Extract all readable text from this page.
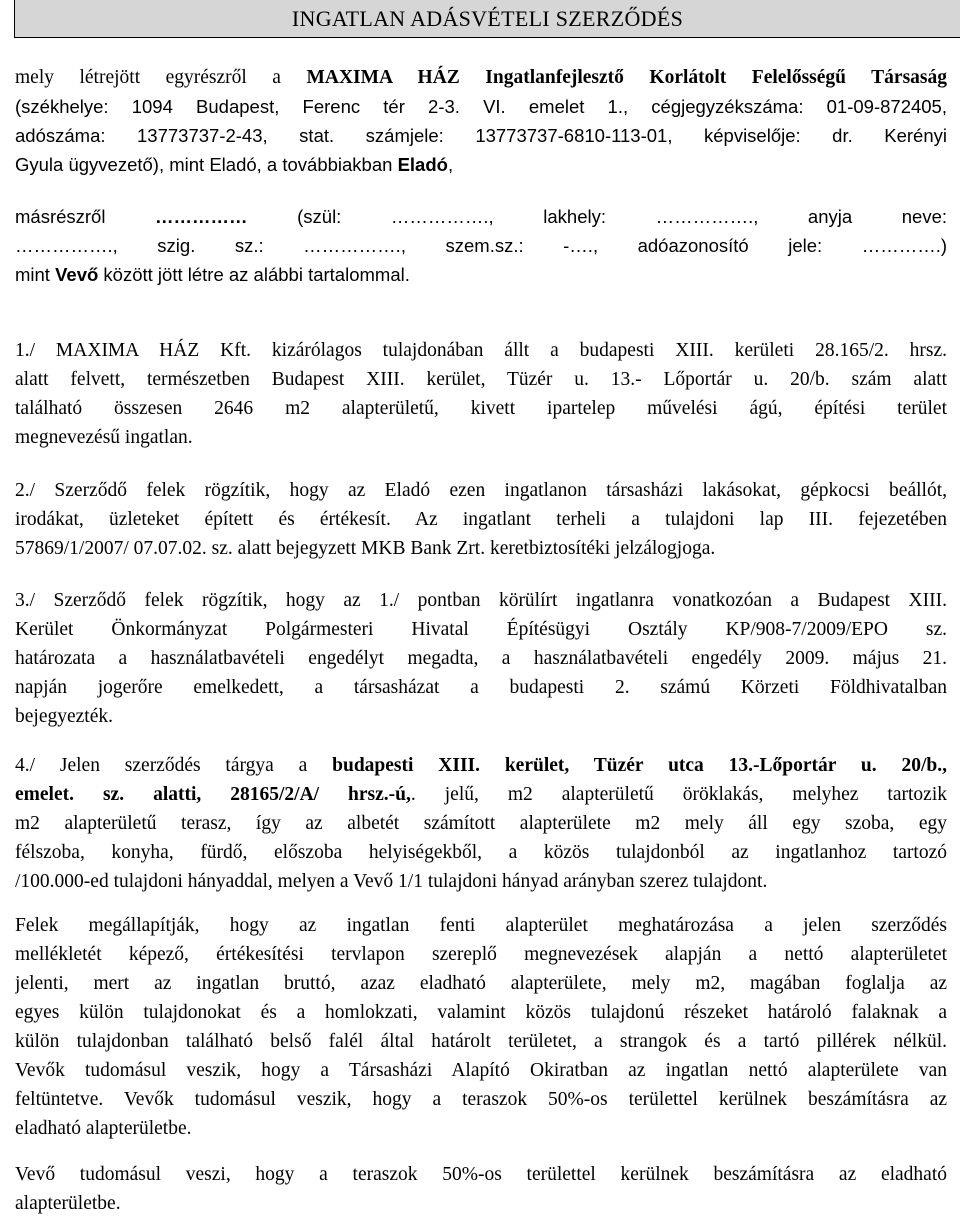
INGATLAN ADÁSVÉTELI SZERZŐDÉS
mely létrejött egyrészről a MAXIMA HÁZ Ingatlanfejlesztő Korlátolt Felelősségű Társaság
(székhelye: 1094 Budapest, Ferenc tér 2-3. VI. emelet 1., cégjegyzékszáma: 01-09-872405,
adószáma: 13773737-2-43, stat. számjele: 13773737-6810-113-01, képviselője: dr. Kerényi
Gyula ügyvezető), mint Eladó, a továbbiakban Eladó,
másrészről …………… (szül: ……………., lakhely: ……………., anyja neve:
……………., szig. sz.: ……………., szem.sz.: -…., adóazonosító jele: ………….)
mint Vevő között jött létre az alábbi tartalommal.
1./ MAXIMA HÁZ Kft. kizárólagos tulajdonában állt a budapesti XIII. kerületi 28.165/2. hrsz.
alatt felvett, természetben Budapest XIII. kerület, Tüzér u. 13.- Lőportár u. 20/b. szám alatt
található összesen 2646 m2 alapterületű, kivett ipartelep művelési ágú, építési terület
megnevezésű ingatlan.
2./ Szerződő felek rögzítik, hogy az Eladó ezen ingatlanon társasházi lakásokat, gépkocsi beállót,
irodákat, üzleteket épített és értékesít. Az ingatlant terheli a tulajdoni lap III. fejezetében
57869/1/2007/ 07.07.02. sz. alatt bejegyzett MKB Bank Zrt. keretbiztosítéki jelzálogjoga.
3./ Szerződő felek rögzítik, hogy az 1./ pontban körülírt ingatlanra vonatkozóan a Budapest XIII.
Kerület Önkormányzat Polgármesteri Hivatal Építésügyi Osztály KP/908-7/2009/EPO sz.
határozata a használatbavételi engedélyt megadta, a használatbavételi engedély 2009. május 21.
napján jogerőre emelkedett, a társasházat a budapesti 2. számú Körzeti Földhivatalban
bejegyezték.
4./ Jelen szerződés tárgya a budapesti XIII. kerület, Tüzér utca 13.-Lőportár u. 20/b.,
emelet. sz. alatti, 28165/2/A/ hrsz.-ú,. jelű, m2 alapterületű öröklakás, melyhez tartozik
m2 alapterületű terasz, így az albetét számított alapterülete m2 mely áll egy szoba, egy
félszoba, konyha, fürdő, előszoba helyiségekből, a közös tulajdonból az ingatlanhoz tartozó
/100.000-ed tulajdoni hányaddal, melyen a Vevő 1/1 tulajdoni hányad arányban szerez tulajdont.
Felek megállapítják, hogy az ingatlan fenti alapterület meghatározása a jelen szerződés
mellékletét képező, értékesítési tervlapon szereplő megnevezések alapján a nettó alapterületet
jelenti, mert az ingatlan bruttó, azaz eladható alapterülete, mely m2, magában foglalja az
egyes külön tulajdonokat és a homlokzati, valamint közös tulajdonú részeket határoló falaknak a
külön tulajdonban található belső falél által határolt területet, a strangok és a tartó pillérek nélkül.
Vevők tudomásul veszik, hogy a Társasházi Alapító Okiratban az ingatlan nettó alapterülete van
feltüntetve. Vevők tudomásul veszik, hogy a teraszok 50%-os területtel kerülnek beszámításra az
eladható alapterületbe.
Vevő tudomásul veszi, hogy a teraszok 50%-os területtel kerülnek beszámításra az eladható
alapterületbe.
